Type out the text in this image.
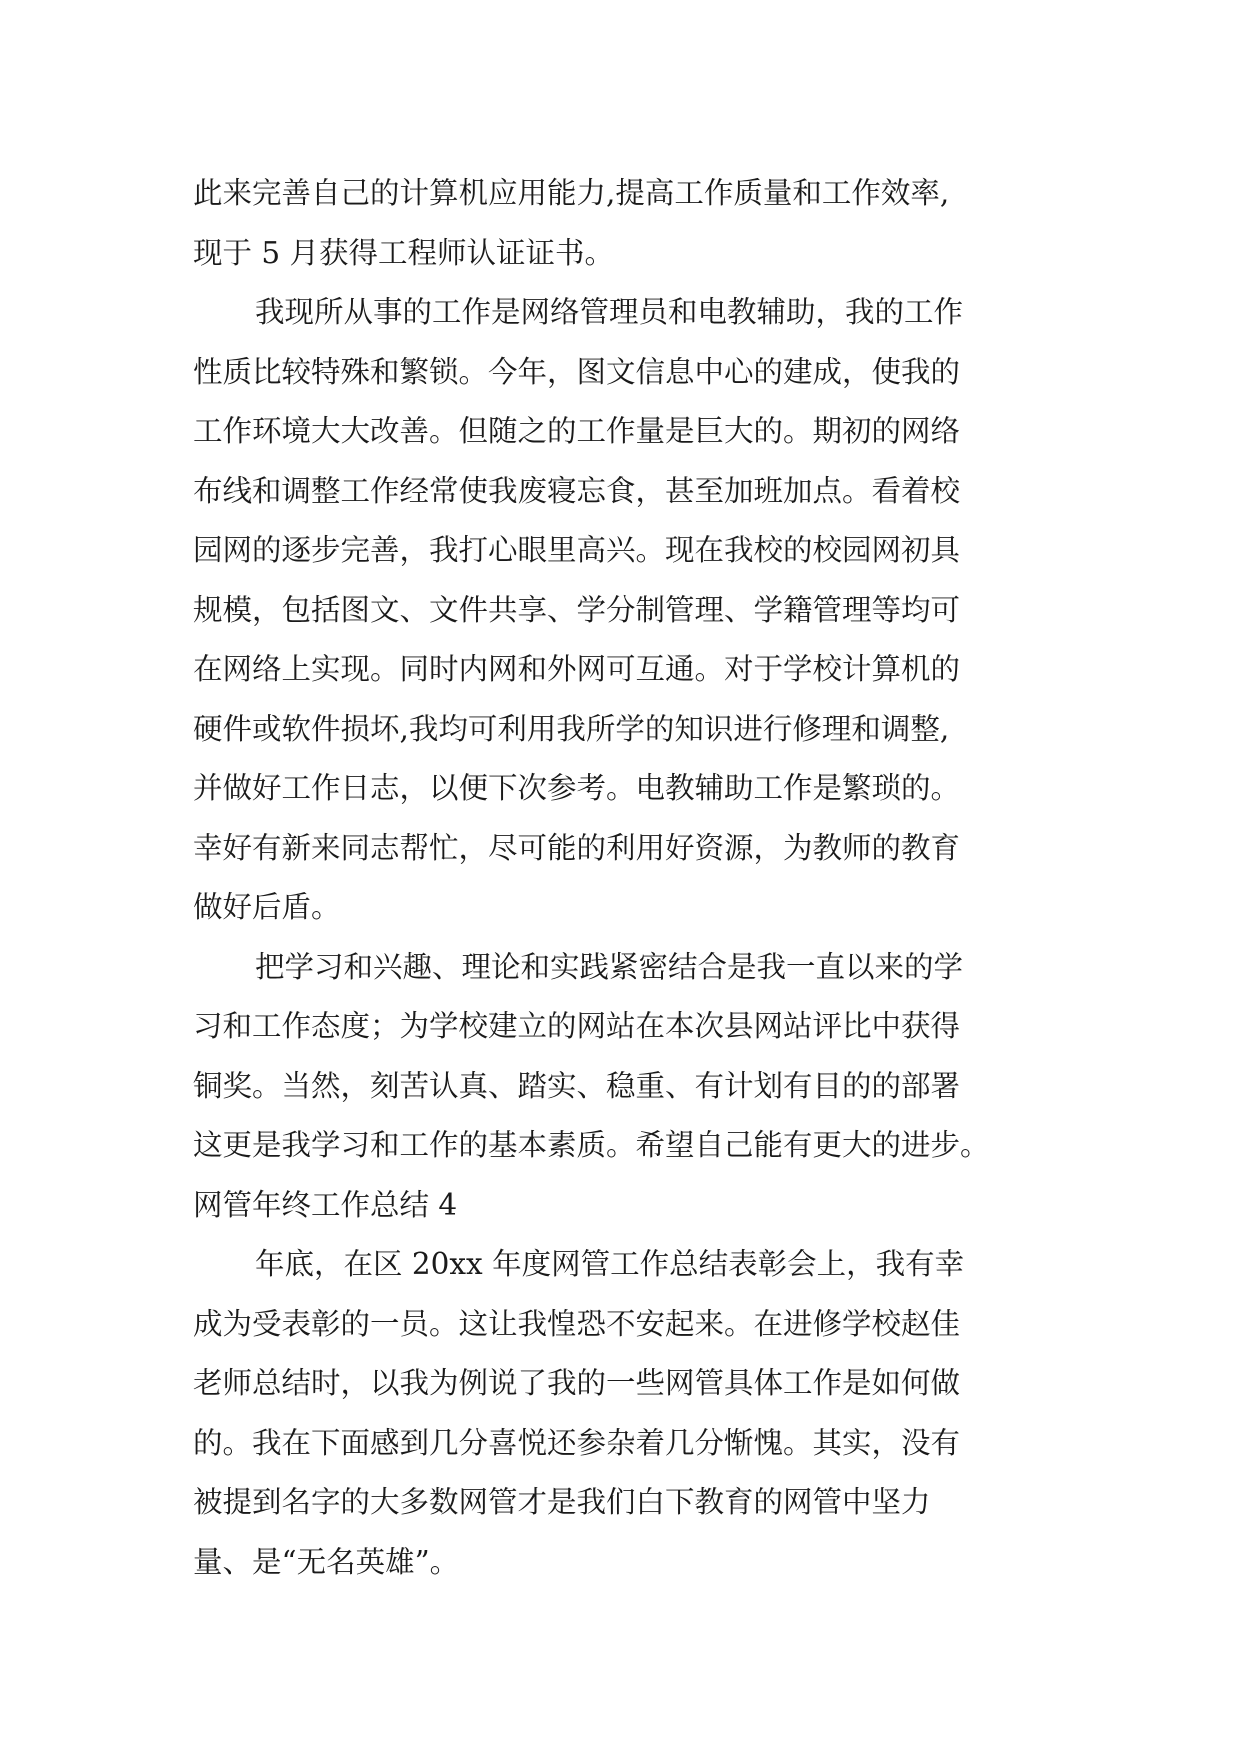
此来完善自己的计算机应用能力,提高工作质量和工作效率,
现于 5 月获得工程师认证证书。
我现所从事的工作是网络管理员和电教辅助，我的工作
性质比较特殊和繁锁。今年，图文信息中心的建成，使我的
工作环境大大改善。但随之的工作量是巨大的。期初的网络
布线和调整工作经常使我废寝忘食，甚至加班加点。看着校
园网的逐步完善，我打心眼里高兴。现在我校的校园网初具
规模，包括图文、文件共享、学分制管理、学籍管理等均可
在网络上实现。同时内网和外网可互通。对于学校计算机的
硬件或软件损坏,我均可利用我所学的知识进行修理和调整,
并做好工作日志，以便下次参考。电教辅助工作是繁琐的。
幸好有新来同志帮忙，尽可能的利用好资源，为教师的教育
做好后盾。
把学习和兴趣、理论和实践紧密结合是我一直以来的学
习和工作态度；为学校建立的网站在本次县网站评比中获得
铜奖。当然，刻苦认真、踏实、稳重、有计划有目的的部署
这更是我学习和工作的基本素质。希望自己能有更大的进步。
网管年终工作总结 4
年底，在区 20xx 年度网管工作总结表彰会上，我有幸
成为受表彰的一员。这让我惶恐不安起来。在进修学校赵佳
老师总结时，以我为例说了我的一些网管具体工作是如何做
的。我在下面感到几分喜悦还参杂着几分惭愧。其实，没有
被提到名字的大多数网管才是我们白下教育的网管中坚力
量、是“无名英雄”。
